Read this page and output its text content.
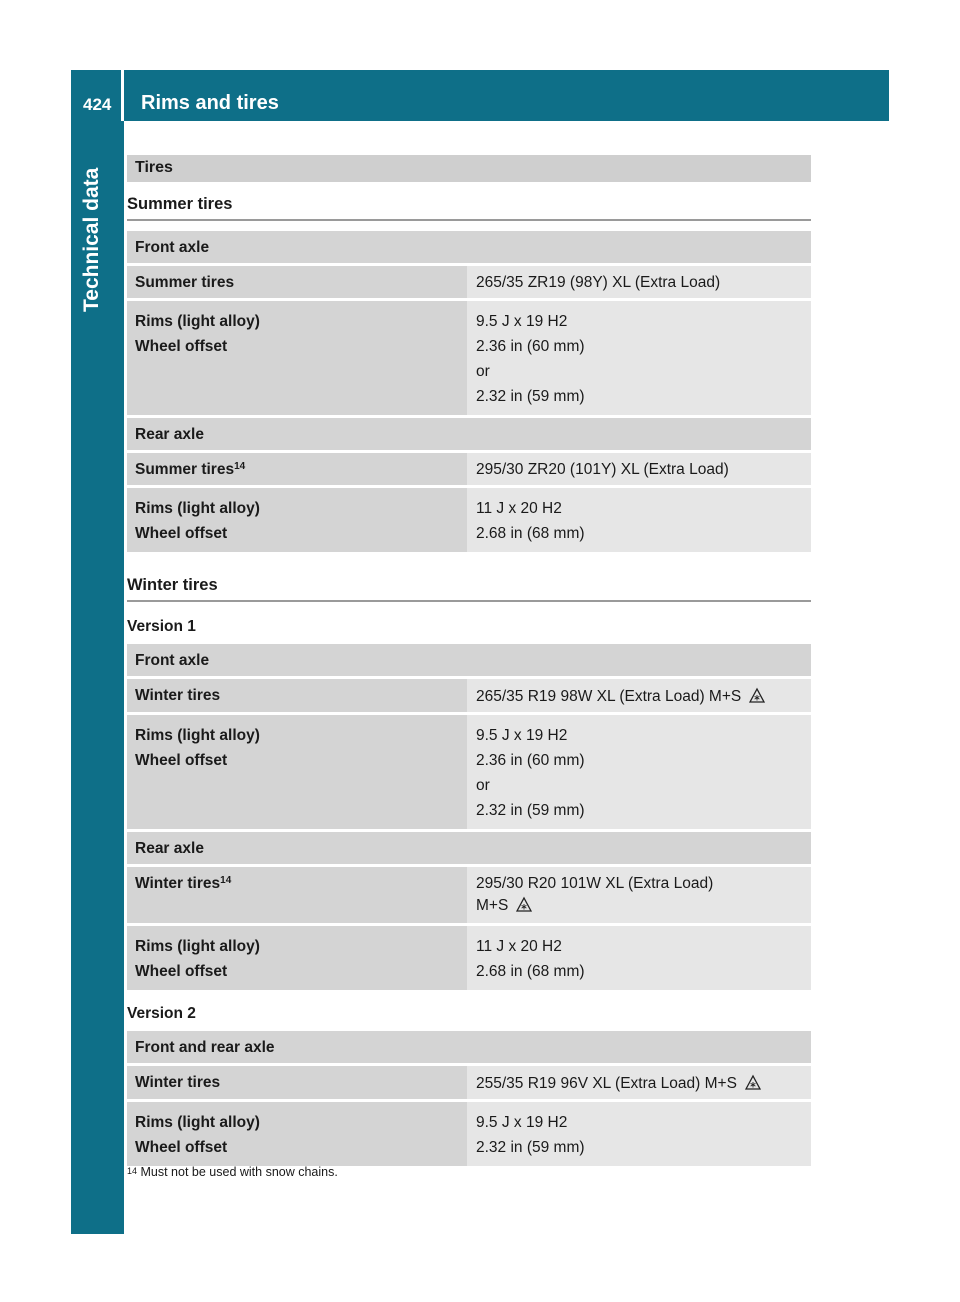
424 Rims and tires
Tires
Summer tires
Front axle	
Summer tires	265/35 ZR19 (98Y) XL (Extra Load)

Rims (light alloy)
Wheel offset	9.5 J x 19 H2
2.36 in (60 mm)
or
2.32 in (59 mm)

Rear axle	
Summer tires$^{14}$	295/30 ZR20 (101Y) XL (Extra Load)

Rims (light alloy)
Wheel offset	11 J x 20 H2
2.68 in (68 mm)
Winter tires
Version 1
Front axle	
Winter tires	265/35 R19 98W XL (Extra Load) M+S

Rims (light alloy)
Wheel offset	9.5 J x 19 H2
2.36 in (60 mm)
or
2.32 in (59 mm)

Rear axle	
Winter tires$^{14}$	295/30 R20 101W XL (Extra Load)
M+S

Rims (light alloy)
Wheel offset	11 J x 20 H2
2.68 in (68 mm)
Version 2
Front and rear axle	
Winter tires	255/35 R19 96V XL (Extra Load) M+S

Rims (light alloy)
Wheel offset	9.5 J x 19 H2
2.32 in (59 mm)
$^{14}$ Must not be used with snow chains.
